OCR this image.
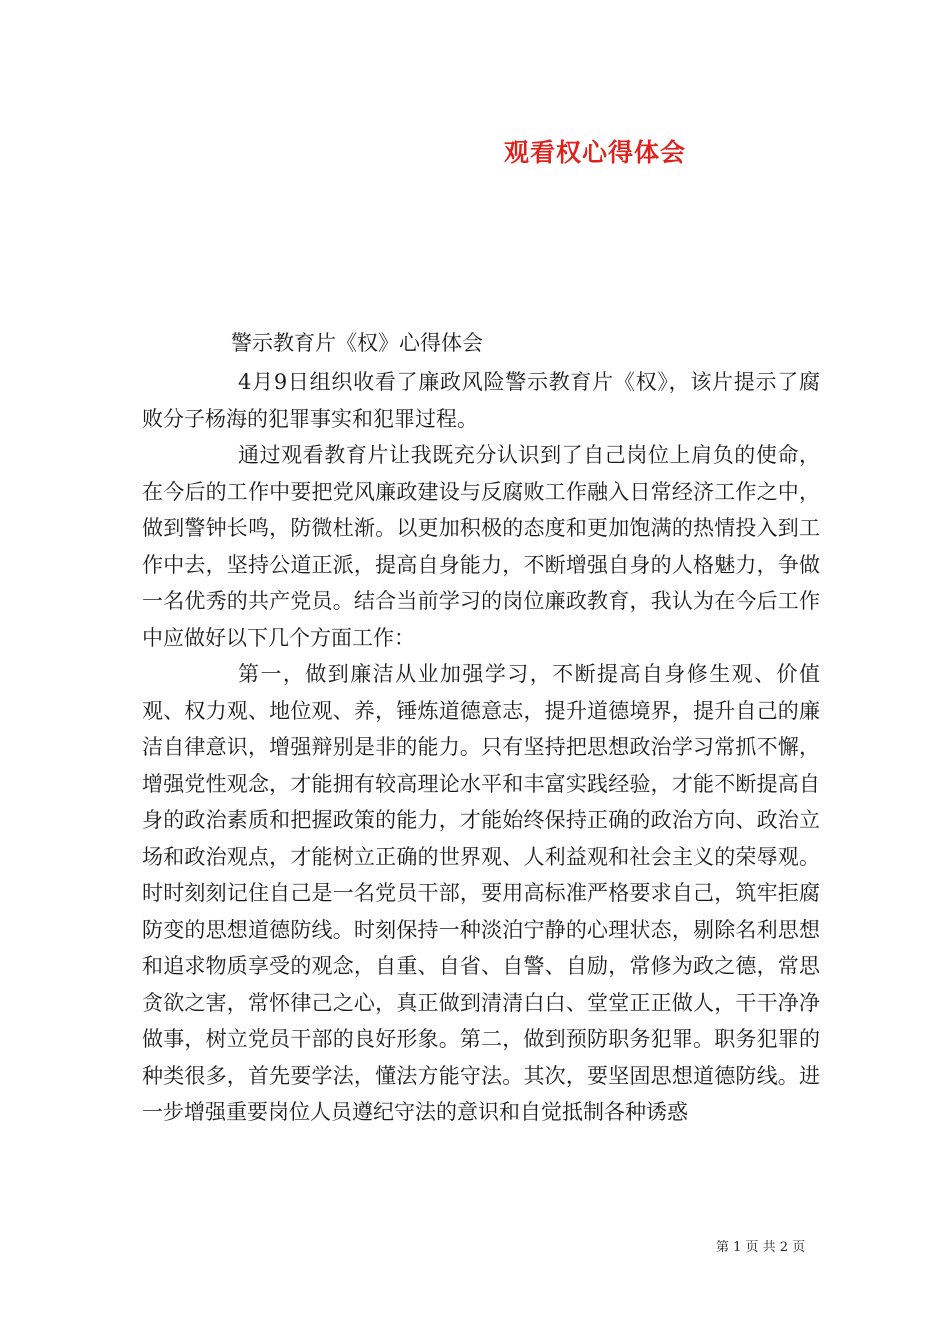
观看权心得体会
警示教育片《权》心得体会

4月9日组织收看了廉政风险警示教育片《权》，该片提示了腐败分子杨海的犯罪事实和犯罪过程。

通过观看教育片让我既充分认识到了自己岗位上肩负的使命，在今后的工作中要把党风廉政建设与反腐败工作融入日常经济工作之中，做到警钟长鸣，防微杜渐。以更加积极的态度和更加饱满的热情投入到工作中去，坚持公道正派，提高自身能力，不断增强自身的人格魅力，争做一名优秀的共产党员。结合当前学习的岗位廉政教育，我认为在今后工作中应做好以下几个方面工作：

第一，做到廉洁从业加强学习，不断提高自身修生观、价值观、权力观、地位观、养，锤炼道德意志，提升道德境界，提升自己的廉洁自律意识，增强辩别是非的能力。只有坚持把思想政治学习常抓不懈，增强党性观念，才能拥有较高理论水平和丰富实践经验，才能不断提高自身的政治素质和把握政策的能力，才能始终保持正确的政治方向、政治立场和政治观点，才能树立正确的世界观、人利益观和社会主义的荣辱观。时时刻刻记住自己是一名党员干部，要用高标准严格要求自己，筑牢拒腐防变的思想道德防线。时刻保持一种淡泊宁静的心理状态，剔除名利思想和追求物质享受的观念，自重、自省、自警、自励，常修为政之德，常思贪欲之害，常怀律己之心，真正做到清清白白、堂堂正正做人，干干净净做事，树立党员干部的良好形象。第二，做到预防职务犯罪。职务犯罪的种类很多，首先要学法，懂法方能守法。其次，要坚固思想道德防线。进一步增强重要岗位人员遵纪守法的意识和自觉抵制各种诱惑

第 1 页 共 2 页
